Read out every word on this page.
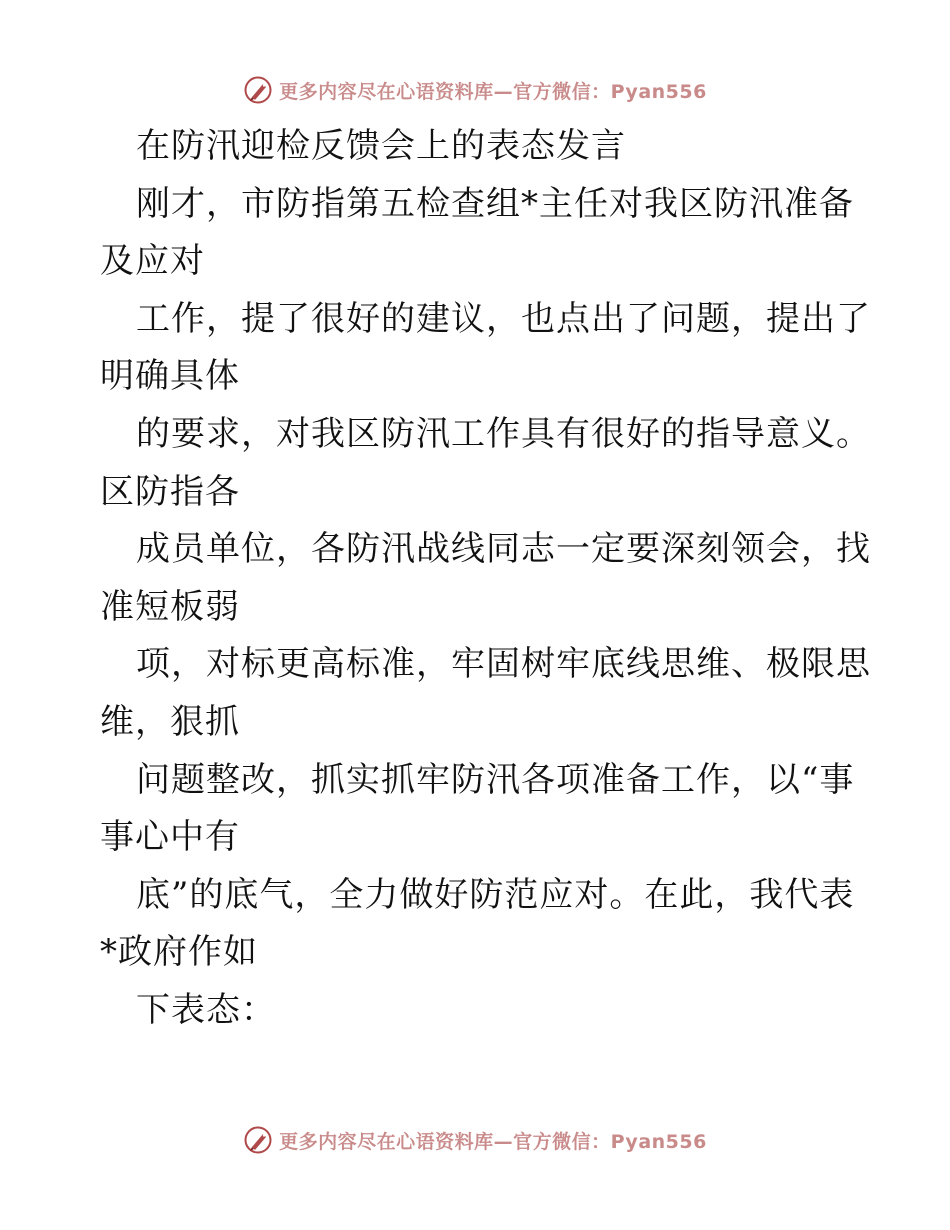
更多内容尽在心语资料库—官方微信：Pyan556
在防汛迎检反馈会上的表态发言
刚才，市防指第五检查组*主任对我区防汛准备
及应对
工作，提了很好的建议，也点出了问题，提出了
明确具体
的要求，对我区防汛工作具有很好的指导意义。
区防指各
成员单位，各防汛战线同志一定要深刻领会，找
准短板弱
项，对标更高标准，牢固树牢底线思维、极限思
维，狠抓
问题整改，抓实抓牢防汛各项准备工作，以“事
事心中有
底”的底气，全力做好防范应对。在此，我代表
*政府作如
下表态：
更多内容尽在心语资料库—官方微信：Pyan556
